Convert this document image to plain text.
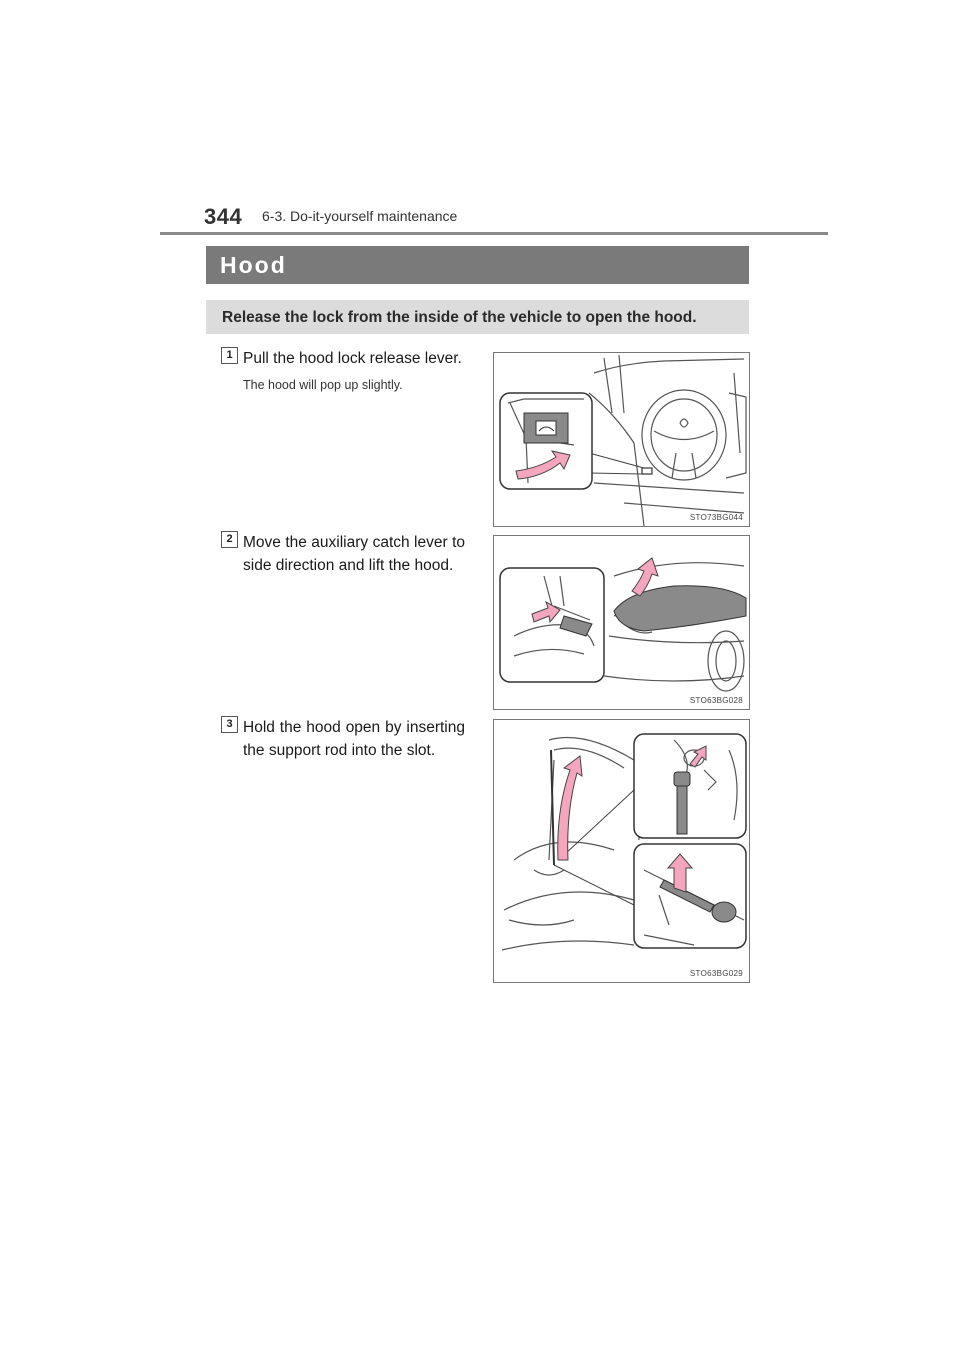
344 6-3. Do-it-yourself maintenance
Hood
Release the lock from the inside of the vehicle to open the hood.
1 Pull the hood lock release lever.
The hood will pop up slightly.
STO73BG044
2 Move the auxiliary catch lever to side direction and lift the hood.
STO63BG028
3 Hold the hood open by inserting the support rod into the slot.
STO63BG029
